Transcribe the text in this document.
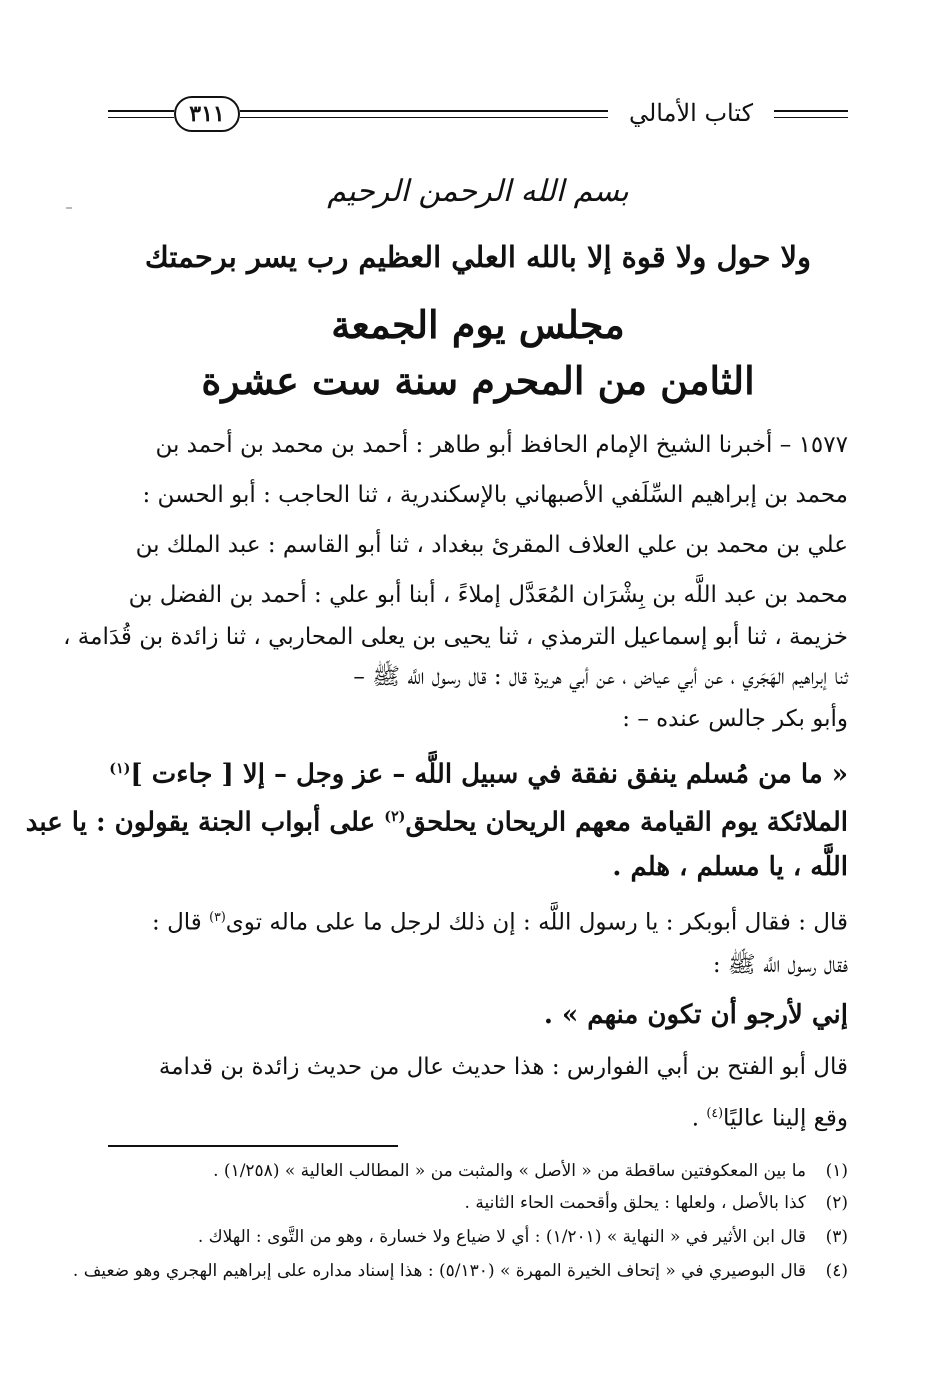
٣١١	كتاب الأمالي
بسم الله الرحمن الرحيم
ولا حول ولا قوة إلا بالله العلي العظيم رب يسر برحمتك
مجلس يوم الجمعة
الثامن من المحرم سنة ست عشرة
١٥٧٧ – أخبرنا الشيخ الإمام الحافظ أبو طاهر : أحمد بن محمد بن أحمد بن
محمد بن إبراهيم السِّلَفي الأصبهاني بالإسكندرية ، ثنا الحاجب : أبو الحسن :
علي بن محمد بن علي العلاف المقرئ ببغداد ، ثنا أبو القاسم : عبد الملك بن
محمد بن عبد اللَّه بن بِشْرَان المُعَدَّل إملاءً ، أبنا أبو علي : أحمد بن الفضل بن
خزيمة ، ثنا أبو إسماعيل الترمذي ، ثنا يحيى بن يعلى المحاربي ، ثنا زائدة بن قُدَامة ،
ثنا إبراهيم الهَجَري ، عن أبي عياض ، عن أبي هريرة قال : قال رسول اللَّه ﷺ –
وأبو بكر جالس عنده – :
« ما من مُسلم ينفق نفقة في سبيل اللَّه – عز وجل – إلا [ جاءت ]$^{(١)}$
الملائكة يوم القيامة معهم الريحان يحلحق$^{(٢)}$ على أبواب الجنة يقولون : يا عبد
اللَّه ، يا مسلم ، هلم .
قال : فقال أبوبكر : يا رسول اللَّه : إن ذلك لرجل ما على ماله توى$^{(٣)}$ قال :
فقال رسول اللَّه ﷺ :
إني لأرجو أن تكون منهم » .
قال أبو الفتح بن أبي الفوارس : هذا حديث عال من حديث زائدة بن قدامة
وقع إلينا عاليًا$^{(٤)}$ .
(١)ما بين المعكوفتين ساقطة من « الأصل » والمثبت من « المطالب العالية » (١/٢٥٨) .
(٢)كذا بالأصل ، ولعلها : يحلق وأقحمت الحاء الثانية .
(٣)قال ابن الأثير في « النهاية » (١/٢٠١) : أي لا ضياع ولا خسارة ، وهو من التَّوى : الهلاك .
(٤)قال البوصيري في « إتحاف الخيرة المهرة » (٥/١٣٠) : هذا إسناد مداره على إبراهيم الهجري وهو ضعيف .
